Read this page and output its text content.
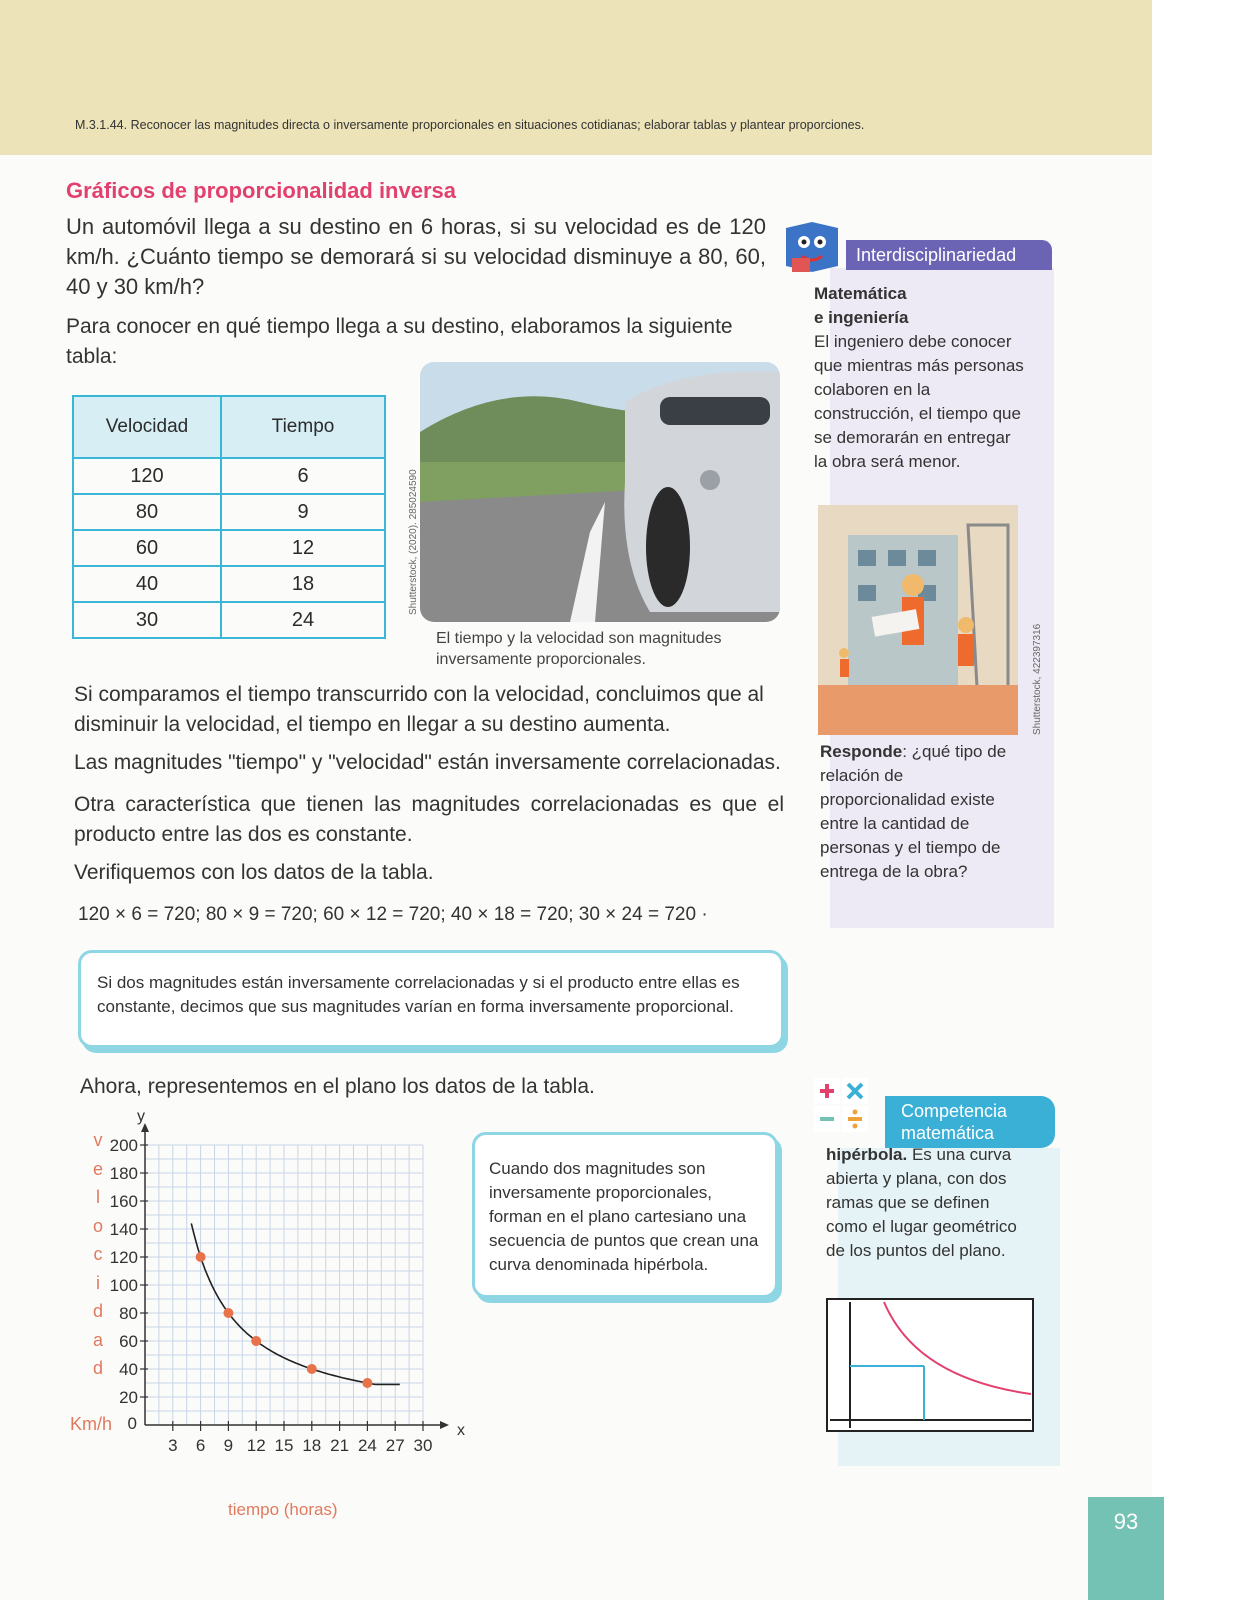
M.3.1.44. Reconocer las magnitudes directa o inversamente proporcionales en situaciones cotidianas; elaborar tablas y plantear proporciones.
Gráficos de proporcionalidad inversa
Un automóvil llega a su destino en 6 horas, si su velocidad es de 120 km/h. ¿Cuánto tiempo se demorará si su velocidad disminuye a 80, 60, 40 y 30 km/h?
Para conocer en qué tiempo llega a su destino, elaboramos la siguiente tabla:
Velocidad	Tiempo
120	6
80	9
60	12
40	18
30	24
Shutterstock, (2020). 285024590
El tiempo y la velocidad son magnitudes inversamente proporcionales.
Si comparamos el tiempo transcurrido con la velocidad, concluimos que al disminuir la velocidad, el tiempo en llegar a su destino aumenta.
Las magnitudes "tiempo" y "velocidad" están inversamente correlacionadas.
Otra característica que tienen las magnitudes correlacionadas es que el producto entre las dos es constante.
Verifiquemos con los datos de la tabla.
120 × 6 = 720; 80 × 9 = 720; 60 × 12 = 720; 40 × 18 = 720; 30 × 24 = 720 ·
Si dos magnitudes están inversamente correlacionadas y si el producto entre ellas es constante, decimos que sus magnitudes varían en forma inversamente proporcional.
Ahora, representemos en el plano los datos de la tabla.
v
e
l
o
c
i
d
a
d
Km/h	x
y
3 6 9 12 15 18 21 24 27 30
200
180
160
140
120
100
80
60
40
20
0
tiempo (horas)
Cuando dos magnitudes son inversamente proporcionales, forman en el plano cartesiano una secuencia de puntos que crean una curva denominada hipérbola.
Interdisciplinariedad
Matemática
e ingeniería
El ingeniero debe conocer que mientras más personas colaboren en la construcción, el tiempo que se demorarán en entregar la obra será menor.
Shutterstock, 422397316
Responde: ¿qué tipo de relación de proporcionalidad existe entre la cantidad de personas y el tiempo de entrega de la obra?
Competencia
matemática
hipérbola. Es una curva abierta y plana, con dos ramas que se definen como el lugar geométrico de los puntos del plano.
93
